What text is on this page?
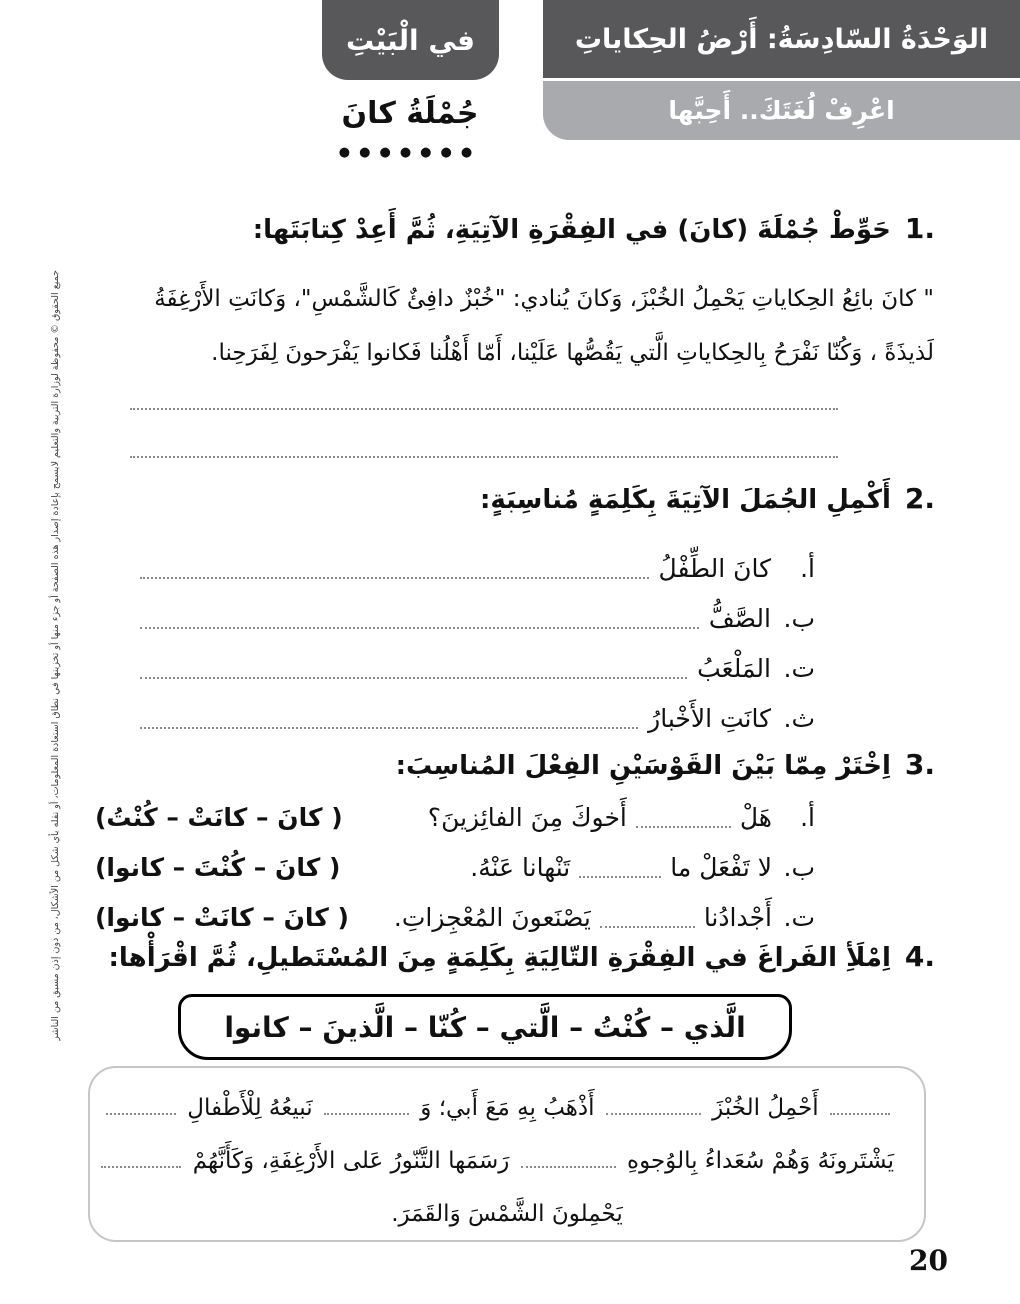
الوَحْدَةُ السّادِسَةُ: أَرْضُ الحِكاياتِ
اعْرِفْ لُغَتَكَ.. أَحِبَّها
في الْبَيْتِ
جُمْلَةُ كانَ
●●●●●●●
1.
حَوِّطْ جُمْلَةَ (كانَ) في الفِقْرَةِ الآتِيَةِ، ثُمَّ أَعِدْ كِتابَتَها:
" كانَ بائِعُ الحِكاياتِ يَحْمِلُ الخُبْزَ، وَكانَ يُنادي: "خُبْزٌ دافِئٌ كَالشَّمْسِ"، وَكانَتِ الأَرْغِفَةُ
لَذيذَةً ، وَكُنّا نَفْرَحُ بِالحِكاياتِ الَّتي يَقُصُّها عَلَيْنا، أَمّا أَهْلُنا فَكانوا يَفْرَحونَ لِفَرَحِنا.
2.
أَكْمِلِ الجُمَلَ الآتِيَةَ بِكَلِمَةٍ مُناسِبَةٍ:
أ.
كانَ الطِّفْلُ
ب.
الصَّفُّ
ت.
المَلْعَبُ
ث.
كانَتِ الأَخْبارُ
3.
اِخْتَرْ مِمّا بَيْنَ القَوْسَيْنِ الفِعْلَ المُناسِبَ:
أ.
هَلْ
أَخوكَ مِنَ الفائِزينَ؟
( كانَ – كانَتْ – كُنْتُ)
ب.
لا تَفْعَلْ ما
تَنْهانا عَنْهُ.
( كانَ – كُنْتَ – كانوا)
ت.
أَجْدادُنا
يَصْنَعونَ المُعْجِزاتِ.
( كانَ – كانَتْ – كانوا)
4.
اِمْلَأِ الفَراغَ في الفِقْرَةِ التّالِيَةِ بِكَلِمَةٍ مِنَ المُسْتَطيلِ، ثُمَّ اقْرَأْها:
الَّذي – كُنْتُ – الَّتي – كُنّا – الَّذينَ – كانوا
أَحْمِلُ الخُبْزَ  أَذْهَبُ بِهِ مَعَ أَبي؛ وَ  نَبيعُهُ لِلْأَطْفالِ
يَشْتَرونَهُ وَهُمْ سُعَداءُ بِالوُجوهِ  رَسَمَها التَّنّورُ عَلى الأَرْغِفَةِ، وَكَأَنَّهُمْ
يَحْمِلونَ الشَّمْسَ وَالقَمَرَ.
جميع الحقوق © محفوظة لوزارة التربية والتعليم لايسمح بإعادة إصدار هذه الصفحة أو جزء منها أو تخزينها في نطاق استعادة المعلومات، أو نقله بأي شكل من الأشكال، من دون إذن مسبق من الناشر
20
